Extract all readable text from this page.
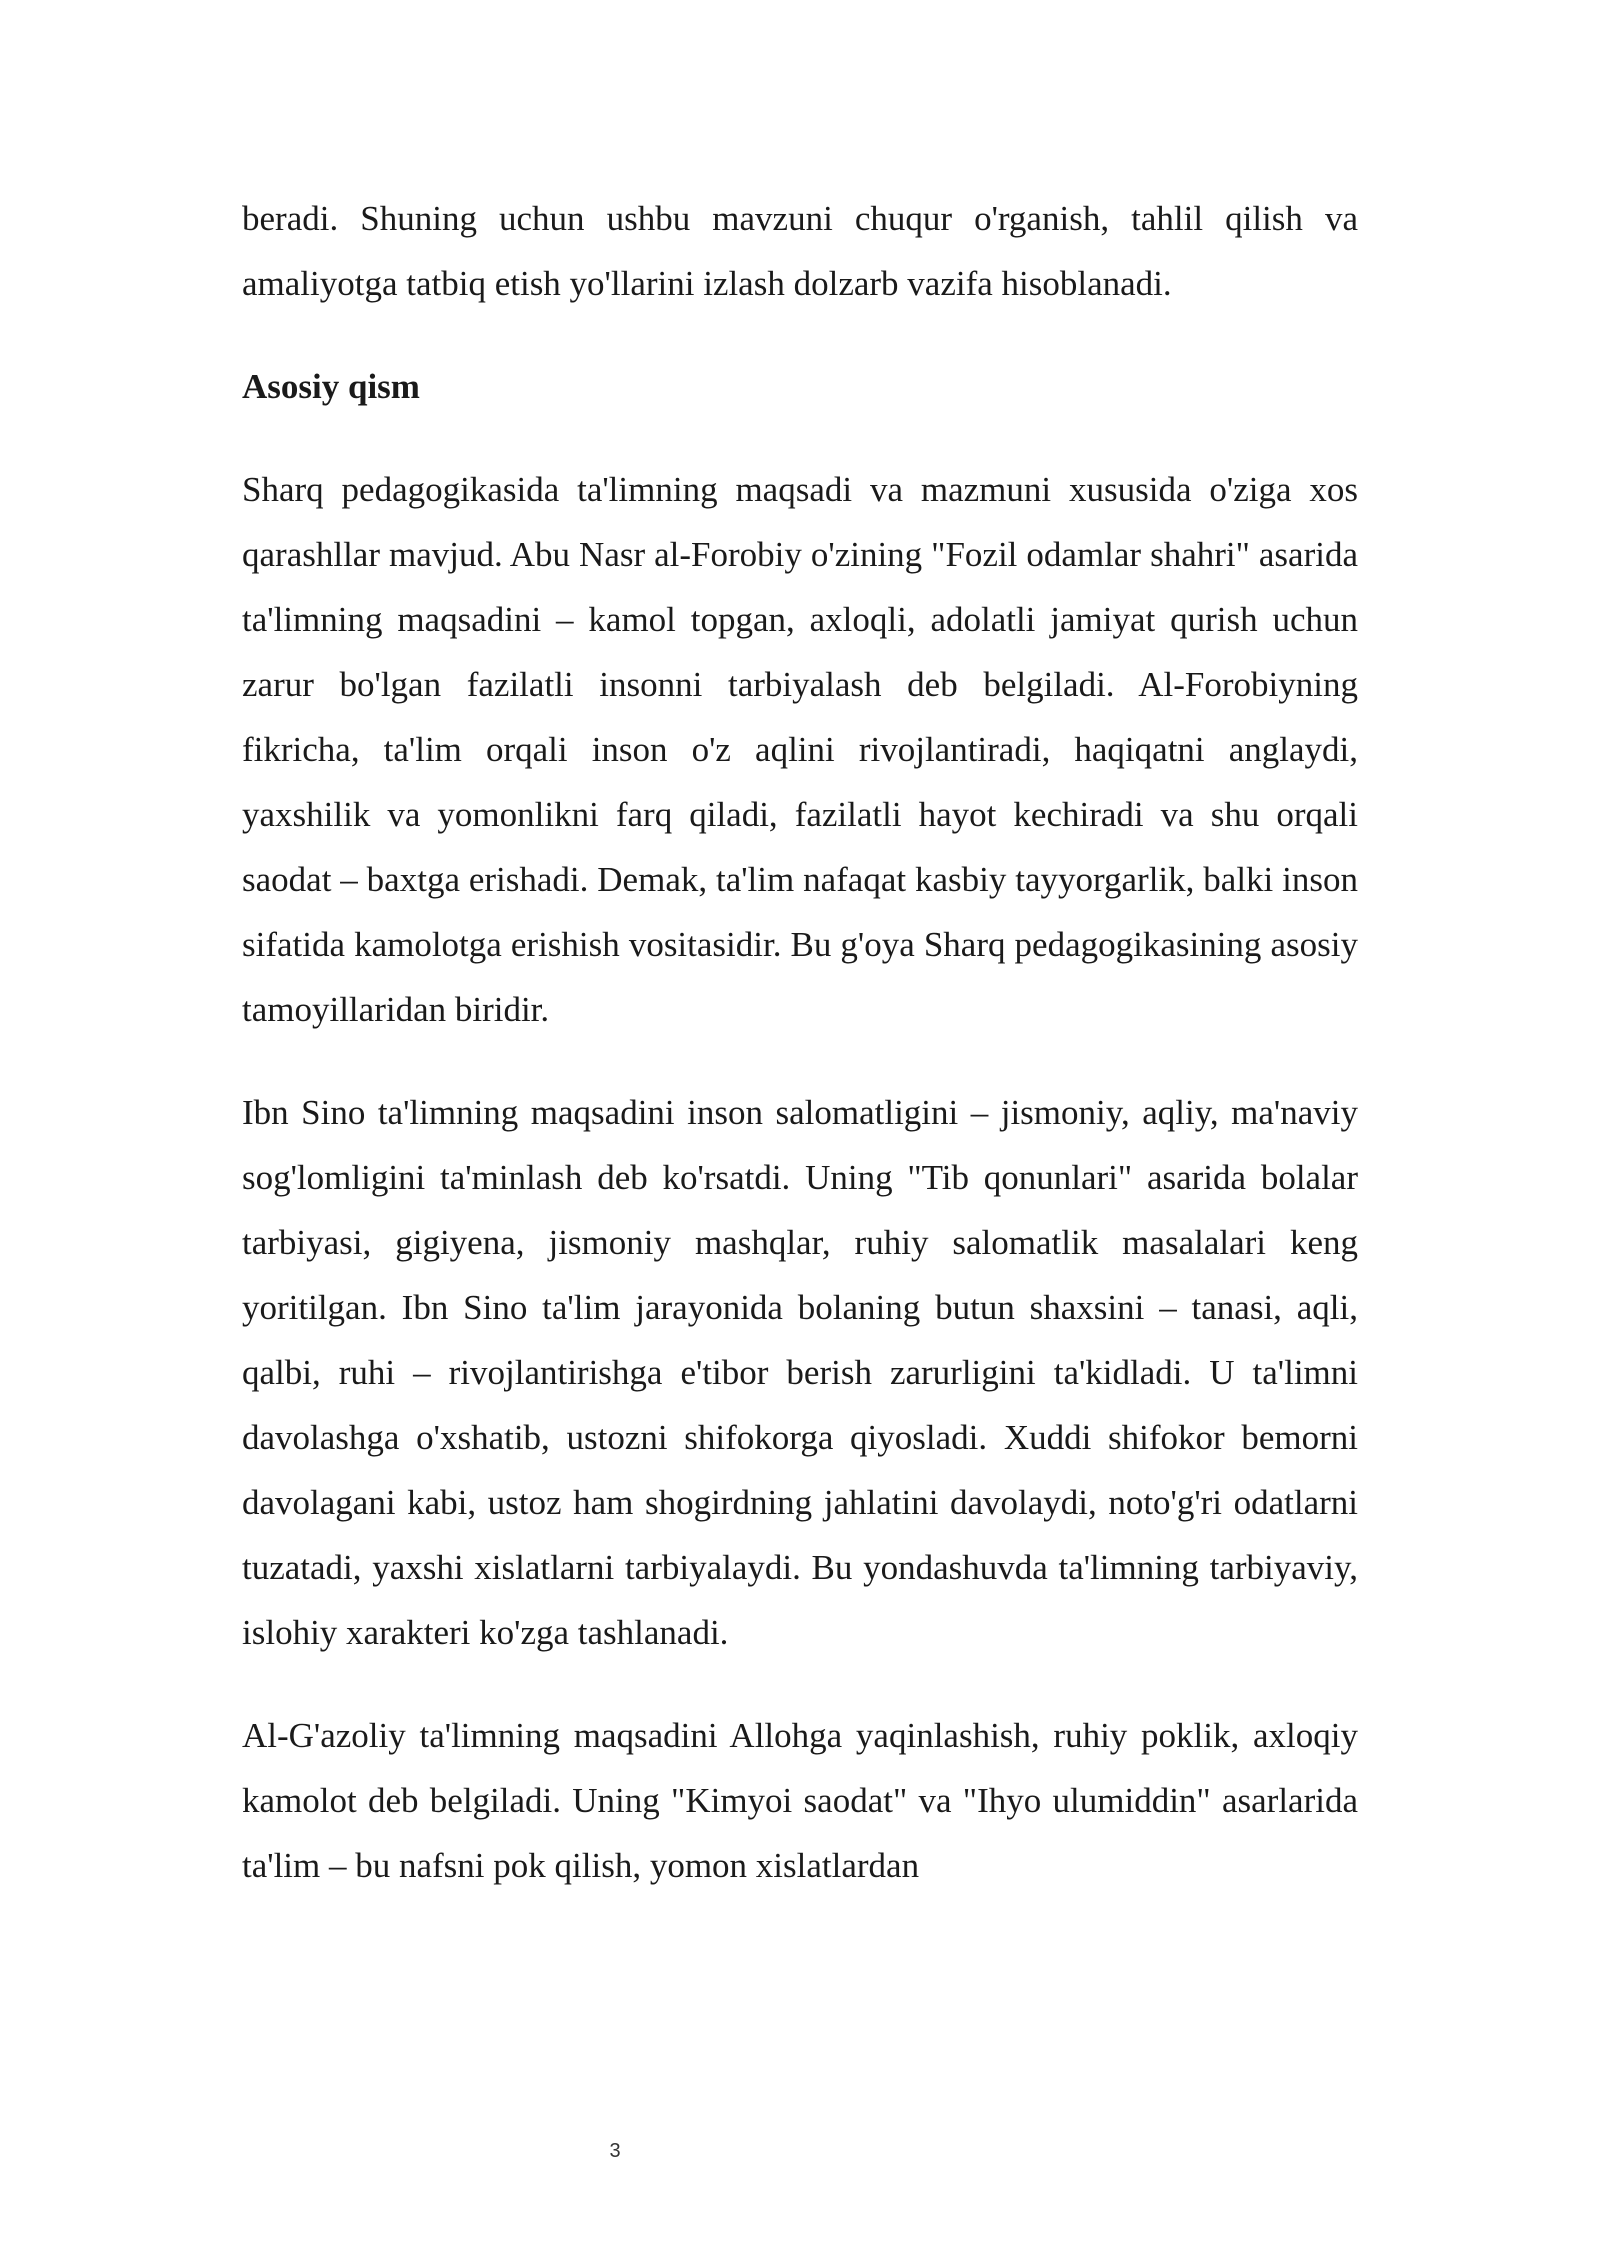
beradi. Shuning uchun ushbu mavzuni chuqur o'rganish, tahlil qilish va amaliyotga tatbiq etish yo'llarini izlash dolzarb vazifa hisoblanadi.

Asosiy qism

Sharq pedagogikasida ta'limning maqsadi va mazmuni xususida o'ziga xos qarashllar mavjud. Abu Nasr al-Forobiy o'zining "Fozil odamlar shahri" asarida ta'limning maqsadini – kamol topgan, axloqli, adolatli jamiyat qurish uchun zarur bo'lgan fazilatli insonni tarbiyalash deb belgiladi. Al-Forobiyning fikricha, ta'lim orqali inson o'z aqlini rivojlantiradi, haqiqatni anglaydi, yaxshilik va yomonlikni farq qiladi, fazilatli hayot kechiradi va shu orqali saodat – baxtga erishadi. Demak, ta'lim nafaqat kasbiy tayyorgarlik, balki inson sifatida kamolotga erishish vositasidir. Bu g'oya Sharq pedagogikasining asosiy tamoyillaridan biridir.

Ibn Sino ta'limning maqsadini inson salomatligini – jismoniy, aqliy, ma'naviy sog'lomligini ta'minlash deb ko'rsatdi. Uning "Tib qonunlari" asarida bolalar tarbiyasi, gigiyena, jismoniy mashqlar, ruhiy salomatlik masalalari keng yoritilgan. Ibn Sino ta'lim jarayonida bolaning butun shaxsini – tanasi, aqli, qalbi, ruhi – rivojlantirishga e'tibor berish zarurligini ta'kidladi. U ta'limni davolashga o'xshatib, ustozni shifokorga qiyosladi. Xuddi shifokor bemorni davolagani kabi, ustoz ham shogirdning jahlatini davolaydi, noto'g'ri odatlarni tuzatadi, yaxshi xislatlarni tarbiyalaydi. Bu yondashuvda ta'limning tarbiyaviy, islohiy xarakteri ko'zga tashlanadi.

Al-G'azoliy ta'limning maqsadini Allohga yaqinlashish, ruhiy poklik, axloqiy kamolot deb belgiladi. Uning "Kimyoi saodat" va "Ihyo ulumiddin" asarlarida ta'lim – bu nafsni pok qilish, yomon xislatlardan

3
